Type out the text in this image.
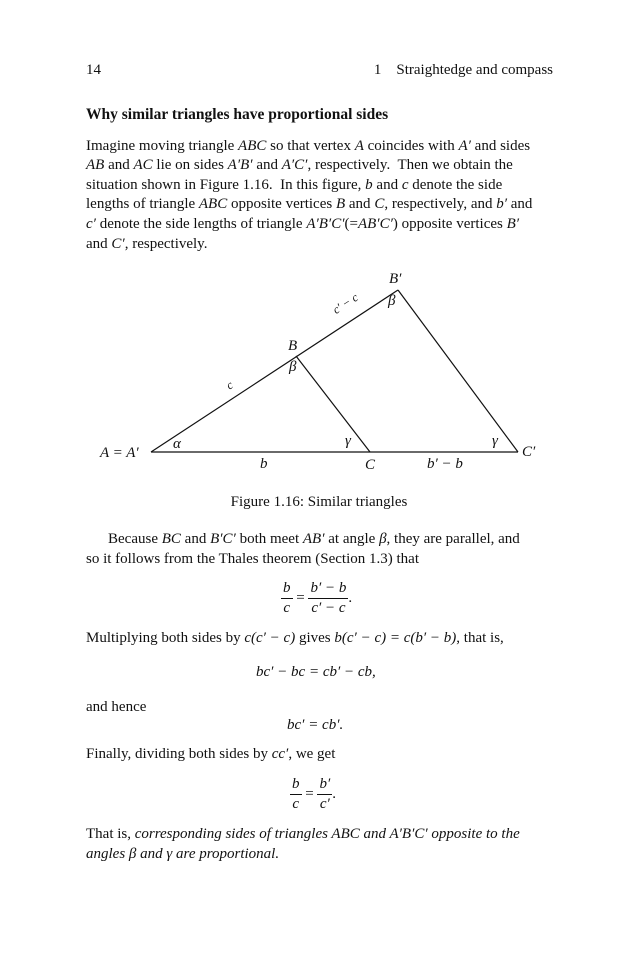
14	1    Straightedge and compass
Why similar triangles have proportional sides
Imagine moving triangle ABC so that vertex A coincides with A′ and sides
AB and AC lie on sides A′B′ and A′C′, respectively.  Then we obtain the
situation shown in Figure 1.16.  In this figure, b and c denote the side
lengths of triangle ABC opposite vertices B and C, respectively, and b′ and
c′ denote the side lengths of triangle A′B′C′(=AB′C′) opposite vertices B′
and C′, respectively.
B′
β
c′ − c
B
β
c
A = A′
α	γ	γ
b	C	b′ − b
C′
Figure 1.16: Similar triangles
Because BC and B′C′ both meet AB′ at angle β, they are parallel, and
so it follows from the Thales theorem (Section 1.3) that
$\frac{b}{c} = \frac{b' - b}{c' - c}$ .
Multiplying both sides by c(c′ − c) gives b(c′ − c) = c(b′ − b), that is,
bc′ − bc = cb′ − cb,
and hence
bc′ = cb′.
Finally, dividing both sides by cc′, we get
$\frac{b}{c} = \frac{b'}{c'}$ .
That is, corresponding sides of triangles ABC and A′B′C′ opposite to the
angles β and γ are proportional.
